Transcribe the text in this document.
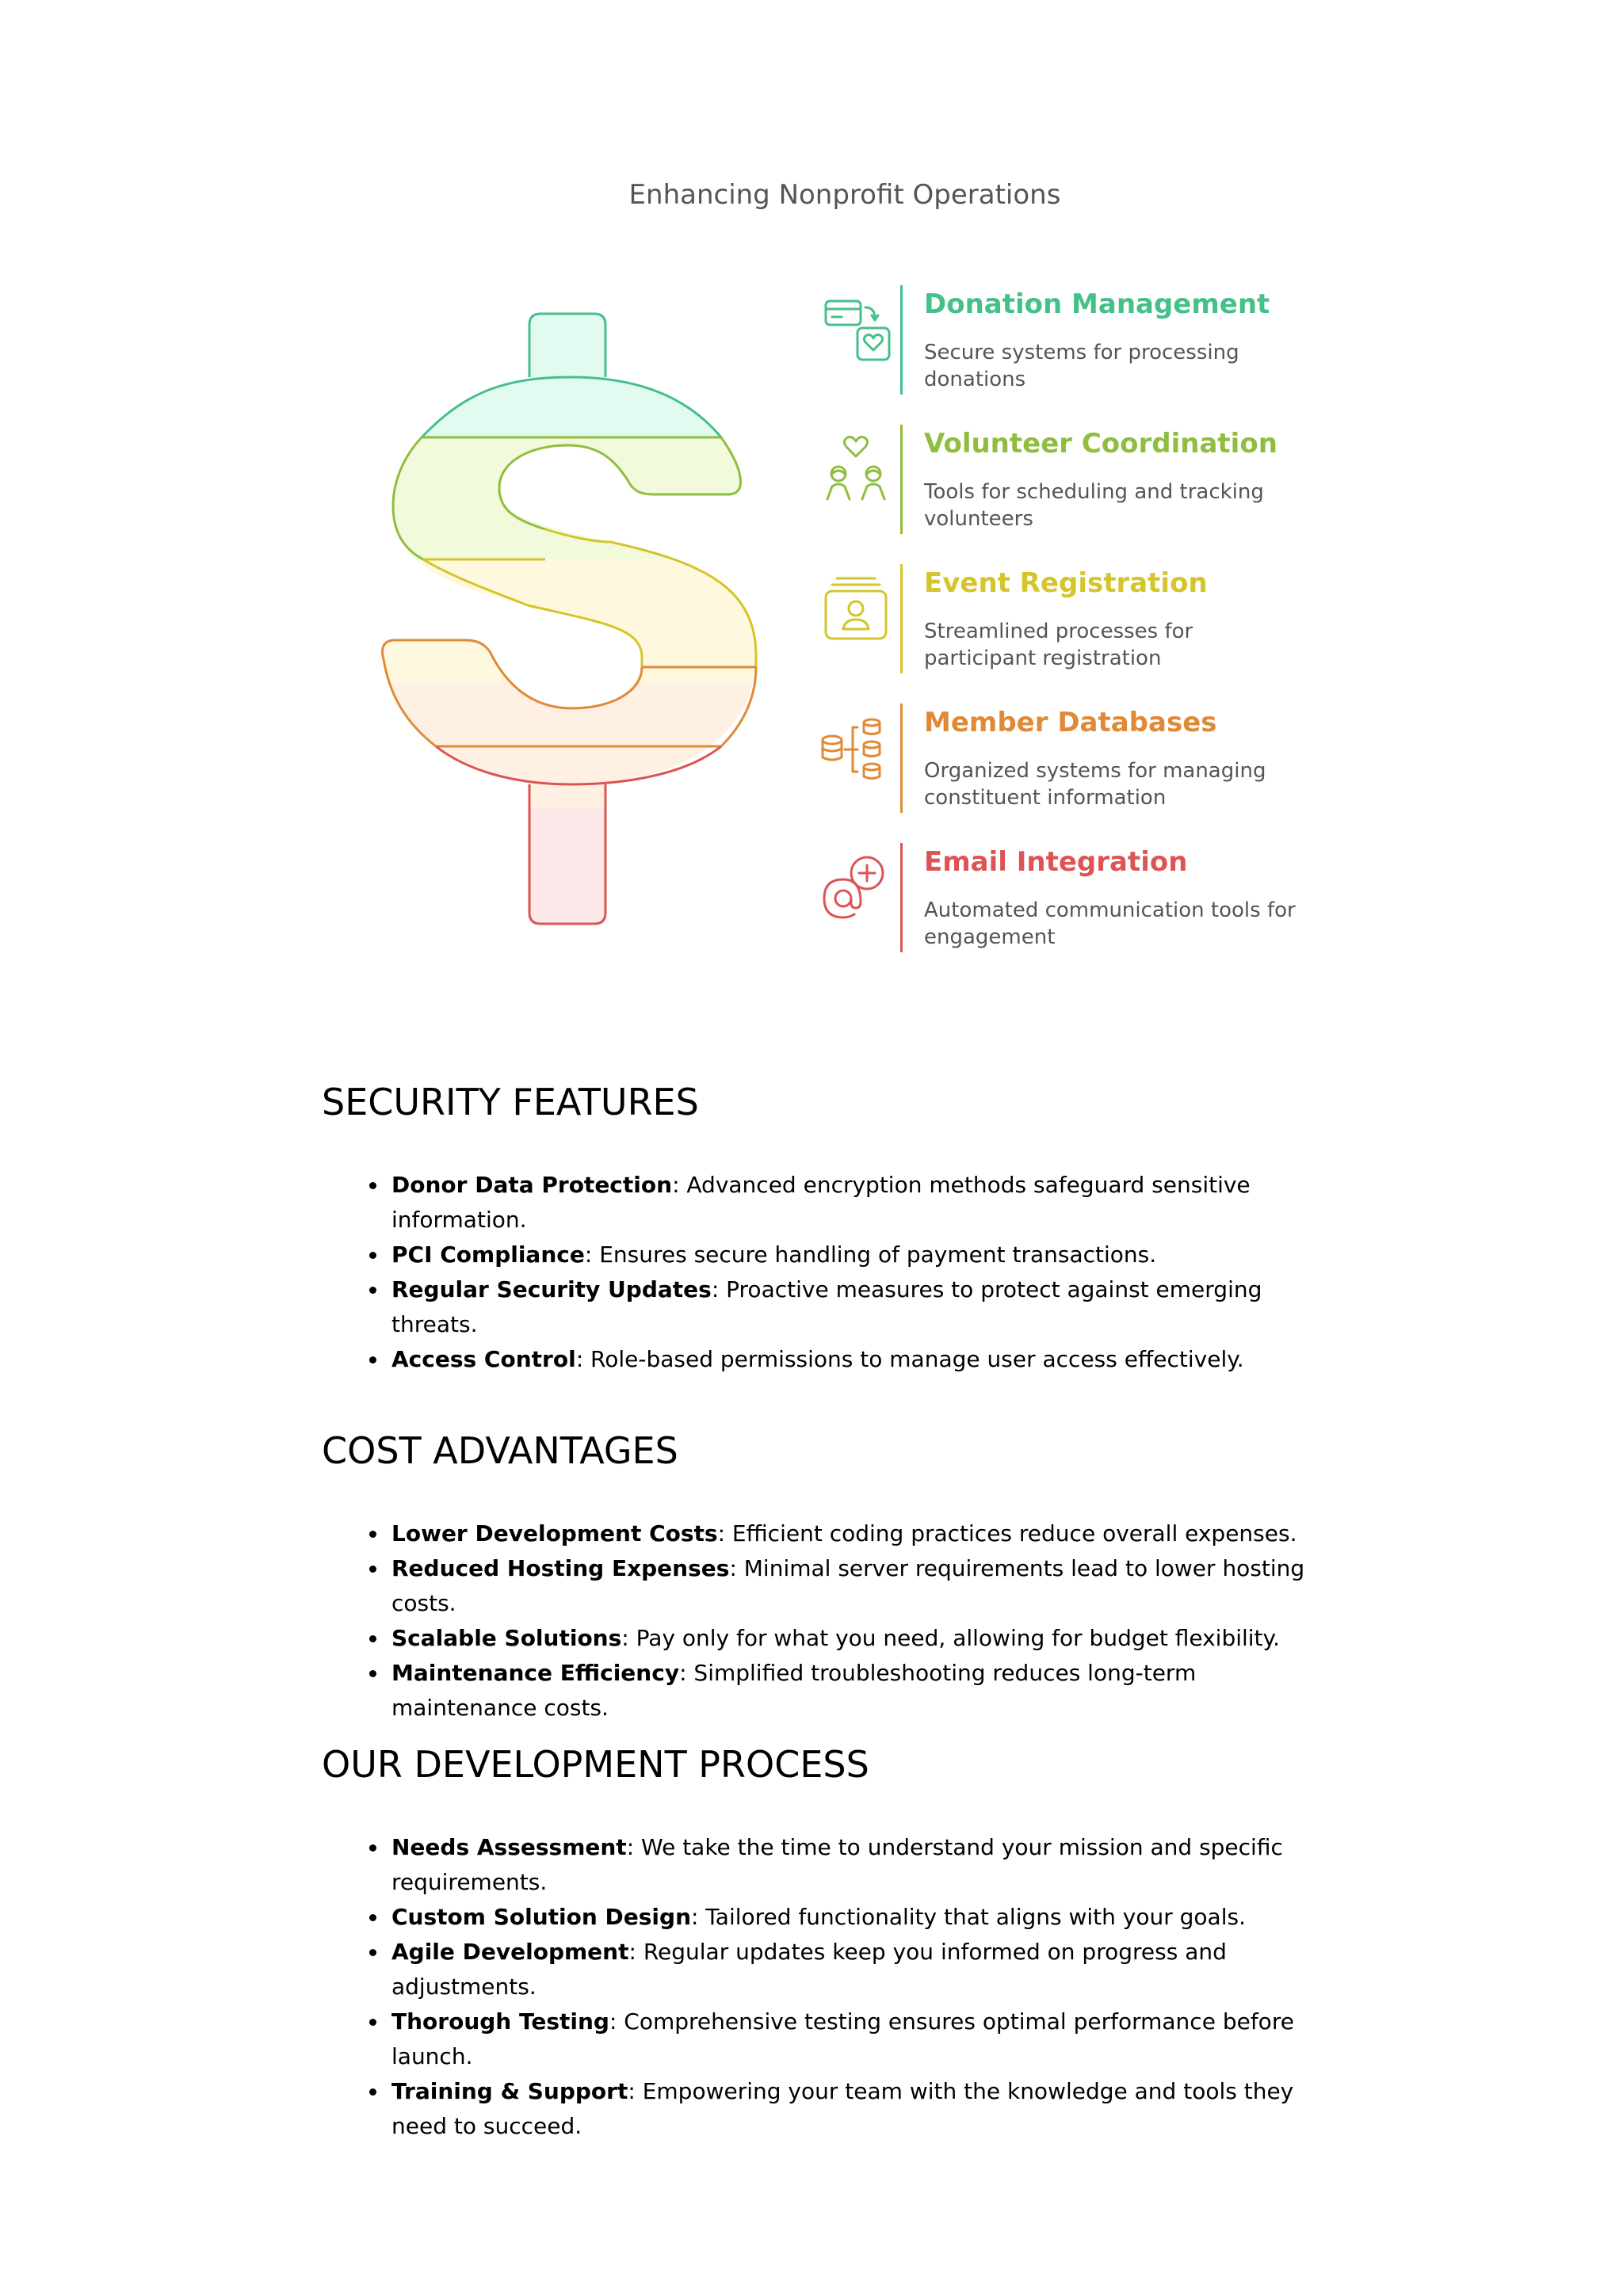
Enhancing Nonprofit Operations
Donation Management
Secure systems for processing donations
Volunteer Coordination
Tools for scheduling and tracking volunteers
Event Registration
Streamlined processes for participant registration
Member Databases
Organized systems for managing constituent information
Email Integration
Automated communication tools for engagement
SECURITY FEATURES
Donor Data Protection: Advanced encryption methods safeguard sensitive information.
PCI Compliance: Ensures secure handling of payment transactions.
Regular Security Updates: Proactive measures to protect against emerging threats.
Access Control: Role-based permissions to manage user access effectively.
COST ADVANTAGES
Lower Development Costs: Efficient coding practices reduce overall expenses.
Reduced Hosting Expenses: Minimal server requirements lead to lower hosting costs.
Scalable Solutions: Pay only for what you need, allowing for budget flexibility.
Maintenance Efficiency: Simplified troubleshooting reduces long-term maintenance costs.
OUR DEVELOPMENT PROCESS
Needs Assessment: We take the time to understand your mission and specific requirements.
Custom Solution Design: Tailored functionality that aligns with your goals.
Agile Development: Regular updates keep you informed on progress and adjustments.
Thorough Testing: Comprehensive testing ensures optimal performance before launch.
Training & Support: Empowering your team with the knowledge and tools they need to succeed.
